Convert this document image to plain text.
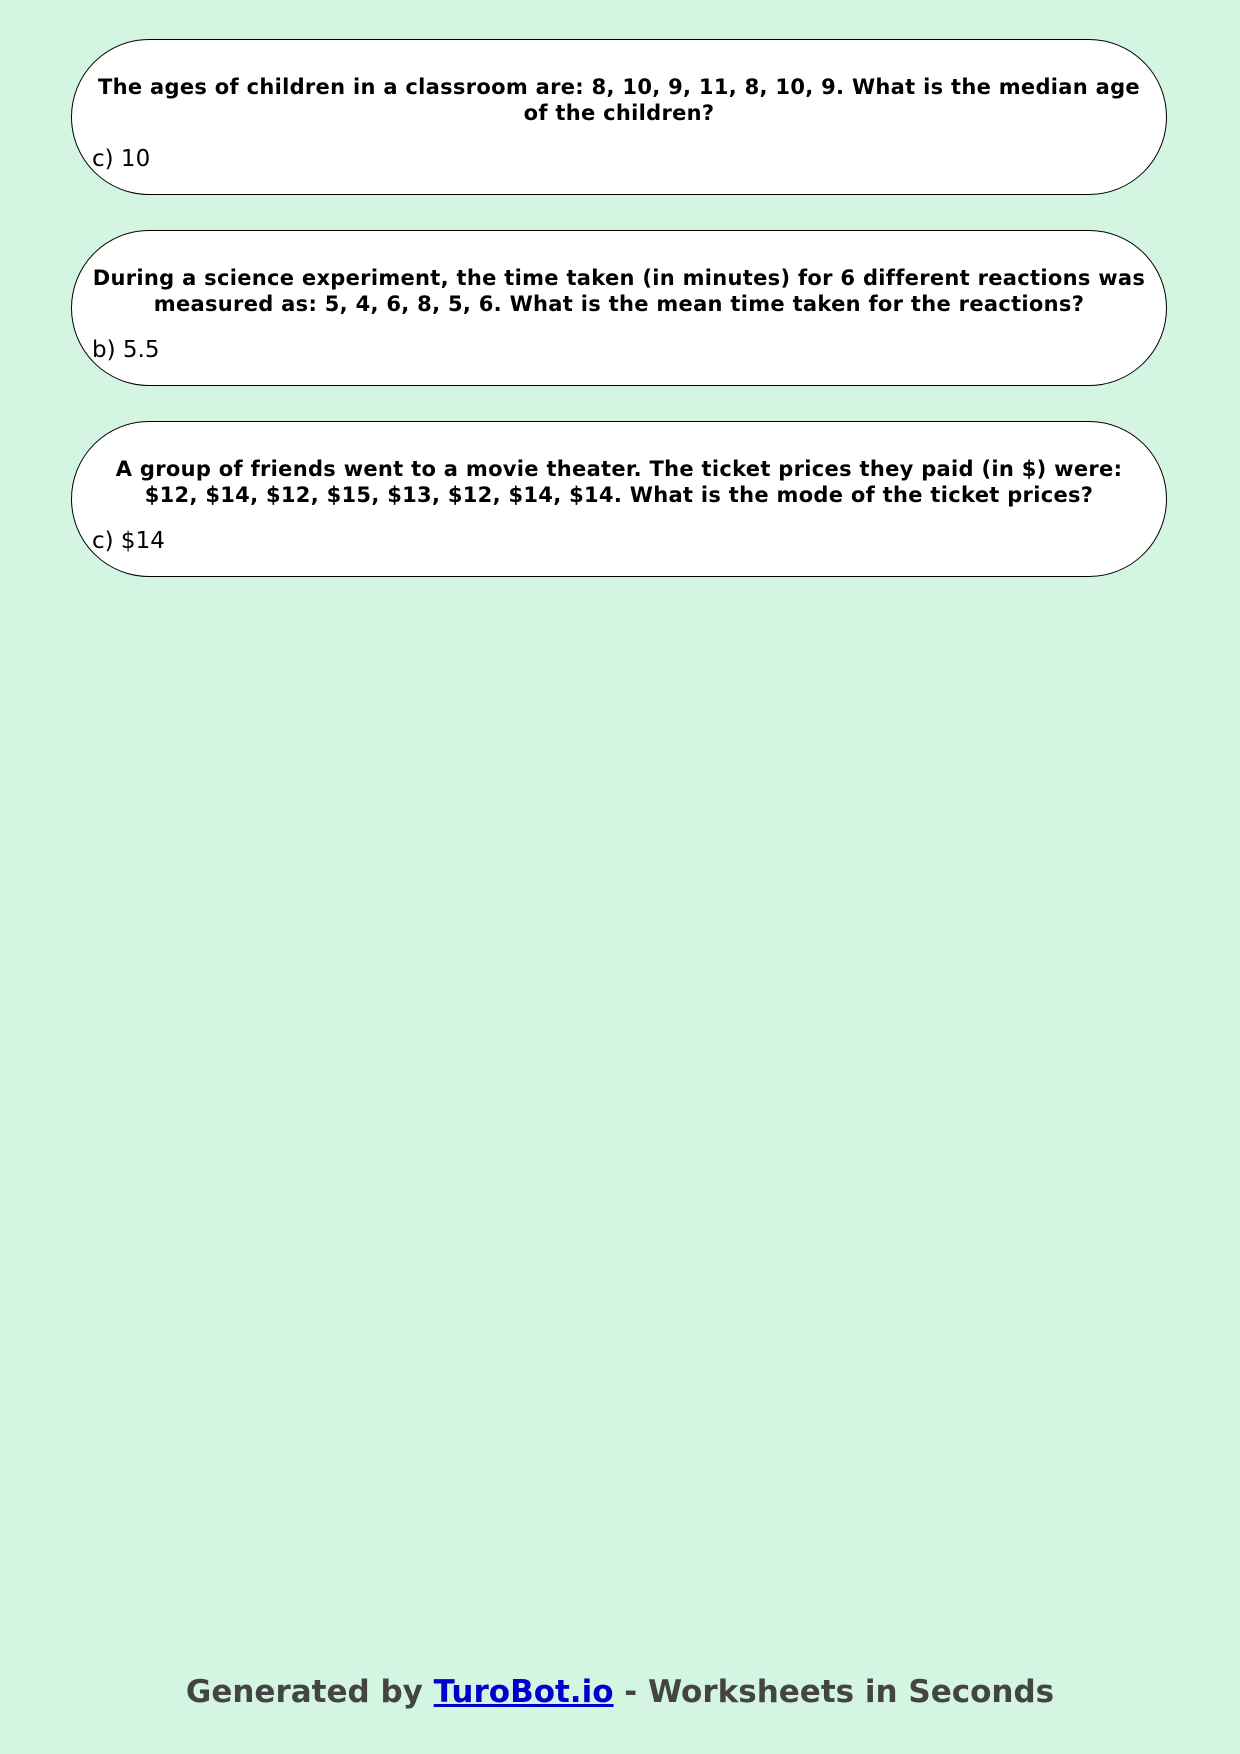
The ages of children in a classroom are: 8, 10, 9, 11, 8, 10, 9. What is the median age of the children?
c) 10
During a science experiment, the time taken (in minutes) for 6 different reactions was measured as: 5, 4, 6, 8, 5, 6. What is the mean time taken for the reactions?
b) 5.5
A group of friends went to a movie theater. The ticket prices they paid (in $) were: $12, $14, $12, $15, $13, $12, $14, $14. What is the mode of the ticket prices?
c) $14
Generated by TuroBot.io - Worksheets in Seconds
